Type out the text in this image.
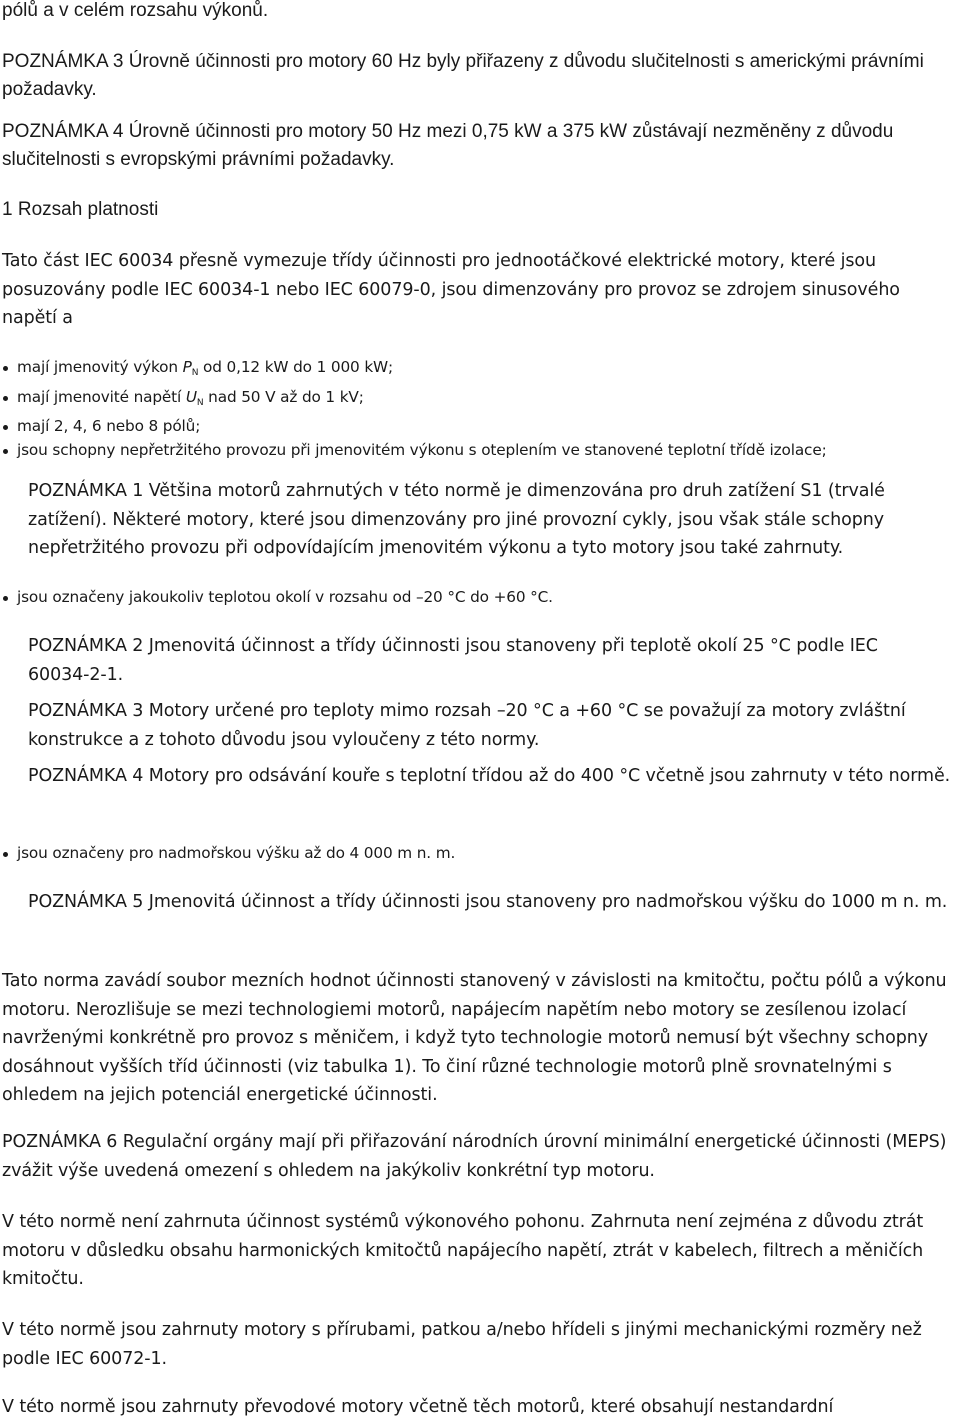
pólů a v celém rozsahu výkonů.

POZNÁMKA 3 Úrovně účinnosti pro motory 60 Hz byly přiřazeny z důvodu slučitelnosti s americkými právními požadavky.

POZNÁMKA 4 Úrovně účinnosti pro motory 50 Hz mezi 0,75 kW a 375 kW zůstávají nezměněny z důvodu slučitelnosti s evropskými právními požadavky.

1 Rozsah platnosti

Tato část IEC 60034 přesně vymezuje třídy účinnosti pro jednootáčkové elektrické motory, které jsou posuzovány podle IEC 60034-1 nebo IEC 60079-0, jsou dimenzovány pro provoz se zdrojem sinusového napětí a

mají jmenovitý výkon $P_N$ od 0,12 kW do 1 000 kW;
mají jmenovité napětí $U_N$ nad 50 V až do 1 kV;
mají 2, 4, 6 nebo 8 pólů;
jsou schopny nepřetržitého provozu při jmenovitém výkonu s oteplením ve stanovené teplotní třídě izolace;

POZNÁMKA 1 Většina motorů zahrnutých v této normě je dimenzována pro druh zatížení S1 (trvalé zatížení). Některé motory, které jsou dimenzovány pro jiné provozní cykly, jsou však stále schopny nepřetržitého provozu při odpovídajícím jmenovitém výkonu a tyto motory jsou také zahrnuty.

jsou označeny jakoukoliv teplotou okolí v rozsahu od –20 °C do +60 °C.

POZNÁMKA 2 Jmenovitá účinnost a třídy účinnosti jsou stanoveny při teplotě okolí 25 °C podle IEC 60034-2-1.

POZNÁMKA 3 Motory určené pro teploty mimo rozsah –20 °C a +60 °C se považují za motory zvláštní konstrukce a z tohoto důvodu jsou vyloučeny z této normy.

POZNÁMKA 4 Motory pro odsávání kouře s teplotní třídou až do 400 °C včetně jsou zahrnuty v této normě.

jsou označeny pro nadmořskou výšku až do 4 000 m n. m.

POZNÁMKA 5 Jmenovitá účinnost a třídy účinnosti jsou stanoveny pro nadmořskou výšku do 1000 m n. m.

Tato norma zavádí soubor mezních hodnot účinnosti stanovený v závislosti na kmitočtu, počtu pólů a výkonu motoru. Nerozlišuje se mezi technologiemi motorů, napájecím napětím nebo motory se zesílenou izolací navrženými konkrétně pro provoz s měničem, i když tyto technologie motorů nemusí být všechny schopny dosáhnout vyšších tříd účinnosti (viz tabulka 1). To činí různé technologie motorů plně srovnatelnými s ohledem na jejich potenciál energetické účinnosti.

POZNÁMKA 6 Regulační orgány mají při přiřazování národních úrovní minimální energetické účinnosti (MEPS) zvážit výše uvedená omezení s ohledem na jakýkoliv konkrétní typ motoru.

V této normě není zahrnuta účinnost systémů výkonového pohonu. Zahrnuta není zejména z důvodu ztrát motoru v důsledku obsahu harmonických kmitočtů napájecího napětí, ztrát v kabelech, filtrech a měničích kmitočtu.

V této normě jsou zahrnuty motory s přírubami, patkou a/nebo hřídeli s jinými mechanickými rozměry než podle IEC 60072-1.

V této normě jsou zahrnuty převodové motory včetně těch motorů, které obsahují nestandardní
